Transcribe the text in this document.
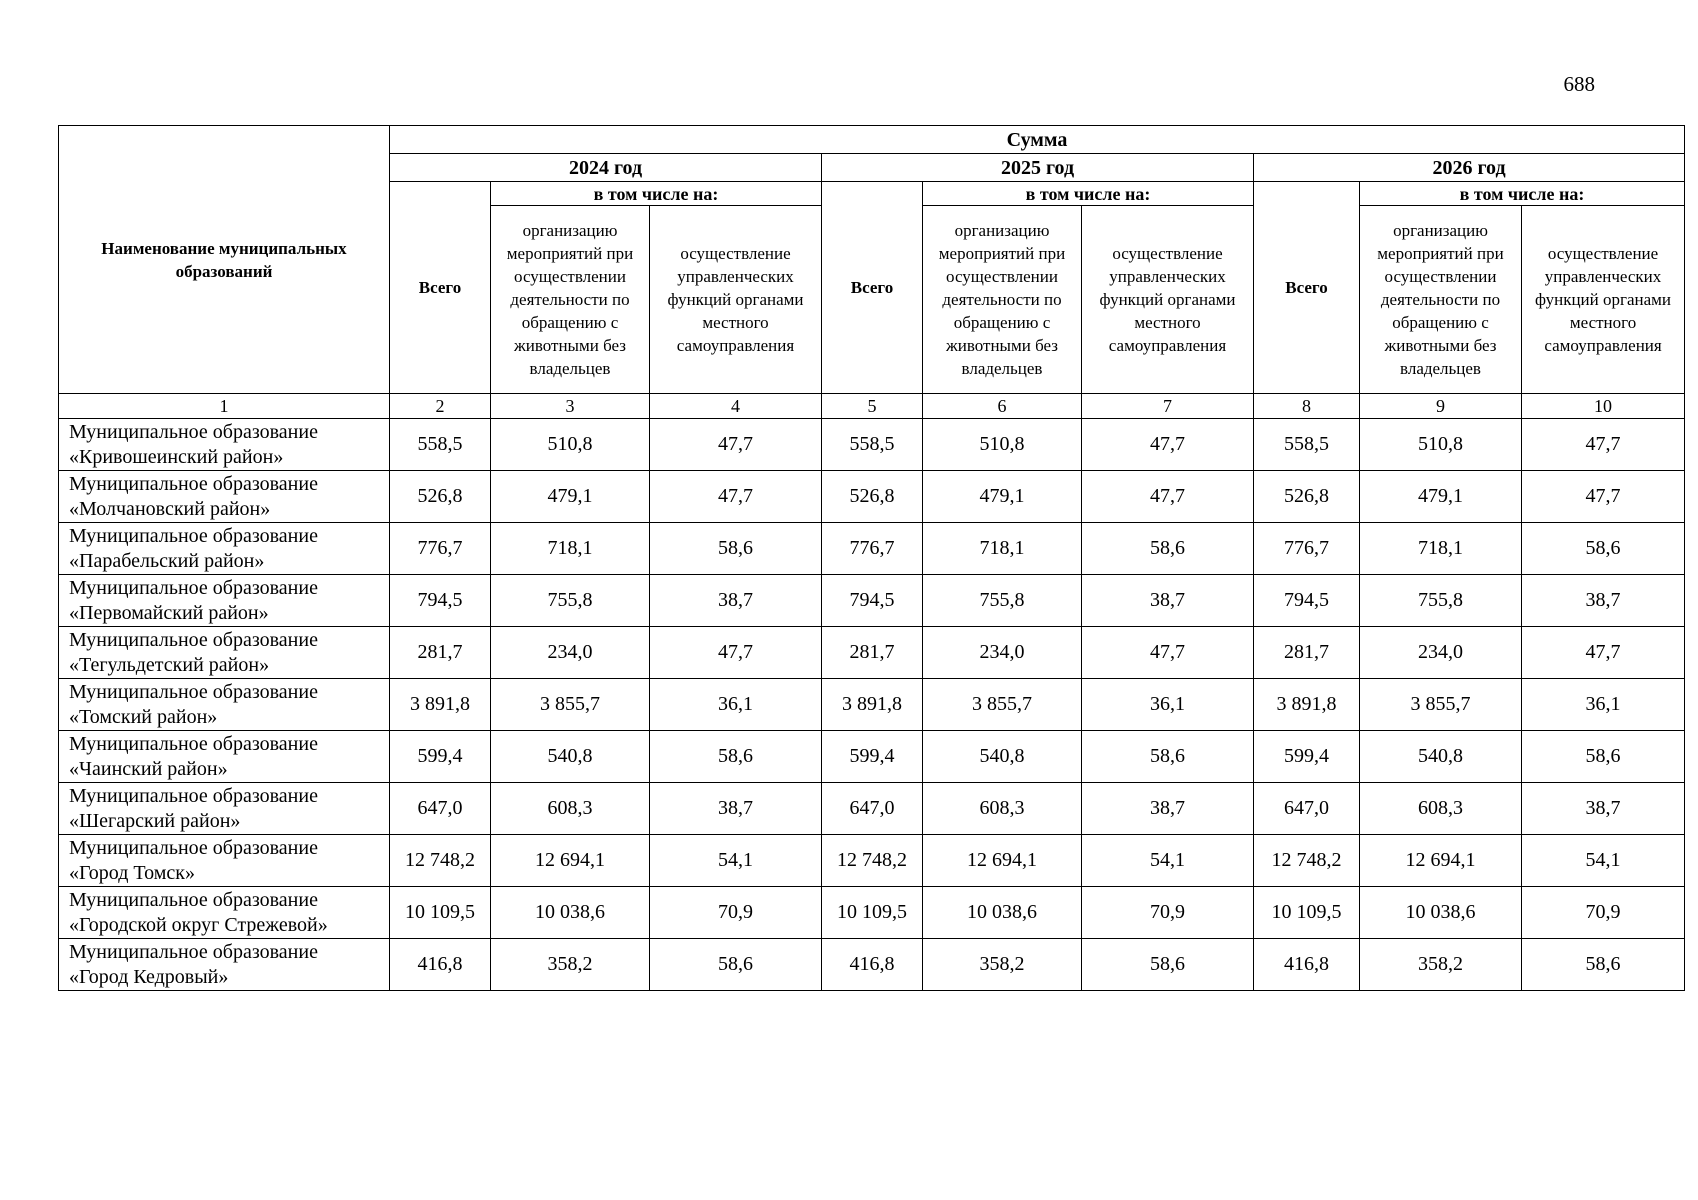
688
Наименование муниципальных образований	Сумма								
	2024 год			2025 год			2026 год		
	Всего	в том числе на:		Всего	в том числе на:		Всего	в том числе на:	
		организацию мероприятий при осуществлении деятельности по обращению с животными без владельцев	осуществление управленческих функций органами местного самоуправления		организацию мероприятий при осуществлении деятельности по обращению с животными без владельцев	осуществление управленческих функций органами местного самоуправления		организацию мероприятий при осуществлении деятельности по обращению с животными без владельцев	осуществление управленческих функций органами местного самоуправления
1	2	3	4	5	6	7	8	9	10

Муниципальное образование
«Кривошеинский район»	558,5	510,8	47,7	558,5	510,8	47,7	558,5	510,8	47,7

Муниципальное образование
«Молчановский район»	526,8	479,1	47,7	526,8	479,1	47,7	526,8	479,1	47,7

Муниципальное образование
«Парабельский район»	776,7	718,1	58,6	776,7	718,1	58,6	776,7	718,1	58,6

Муниципальное образование
«Первомайский район»	794,5	755,8	38,7	794,5	755,8	38,7	794,5	755,8	38,7

Муниципальное образование
«Тегульдетский район»	281,7	234,0	47,7	281,7	234,0	47,7	281,7	234,0	47,7

Муниципальное образование
«Томский район»	3 891,8	3 855,7	36,1	3 891,8	3 855,7	36,1	3 891,8	3 855,7	36,1

Муниципальное образование
«Чаинский район»	599,4	540,8	58,6	599,4	540,8	58,6	599,4	540,8	58,6

Муниципальное образование
«Шегарский район»	647,0	608,3	38,7	647,0	608,3	38,7	647,0	608,3	38,7

Муниципальное образование
«Город Томск»	12 748,2	12 694,1	54,1	12 748,2	12 694,1	54,1	12 748,2	12 694,1	54,1

Муниципальное образование
«Городской округ Стрежевой»	10 109,5	10 038,6	70,9	10 109,5	10 038,6	70,9	10 109,5	10 038,6	70,9

Муниципальное образование
«Город Кедровый»	416,8	358,2	58,6	416,8	358,2	58,6	416,8	358,2	58,6
